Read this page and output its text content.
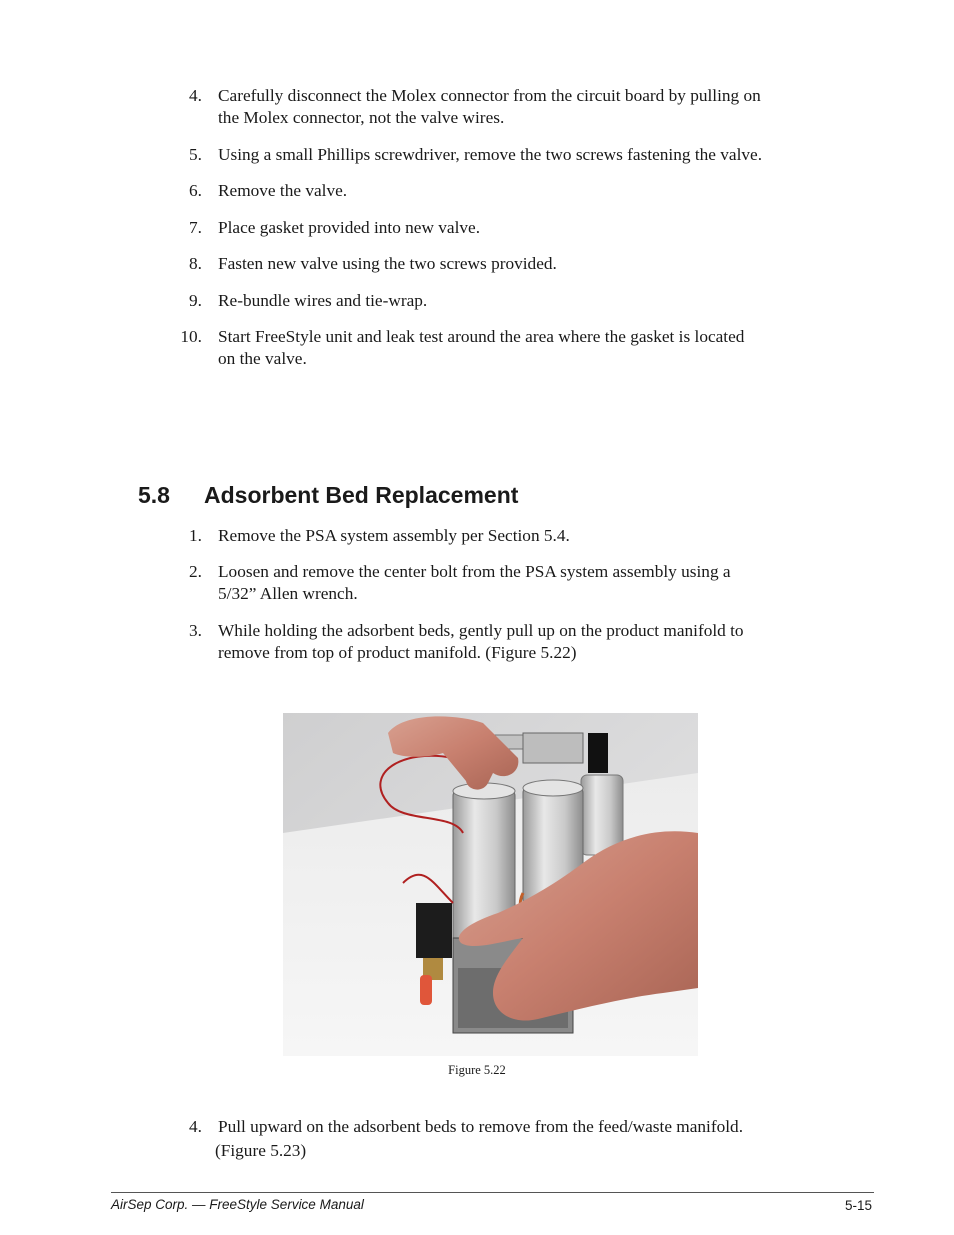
4. Carefully disconnect the Molex connector from the circuit board by pulling on
the Molex connector, not the valve wires.
5. Using a small Phillips screwdriver, remove the two screws fastening the valve.
6. Remove the valve.
7. Place gasket provided into new valve.
8. Fasten new valve using the two screws provided.
9. Re-bundle wires and tie-wrap.
10. Start FreeStyle unit and leak test around the area where the gasket is located
on the valve.
5.8 Adsorbent Bed Replacement
1. Remove the PSA system assembly per Section 5.4.
2. Loosen and remove the center bolt from the PSA system assembly using a
5/32” Allen wrench.
3. While holding the adsorbent beds, gently pull up on the product manifold to
remove from top of product manifold. (Figure 5.22)
Figure 5.22
4. Pull upward on the adsorbent beds to remove from the feed/waste manifold.
(Figure 5.23)
AirSep Corp. — FreeStyle Service Manual	5-15
